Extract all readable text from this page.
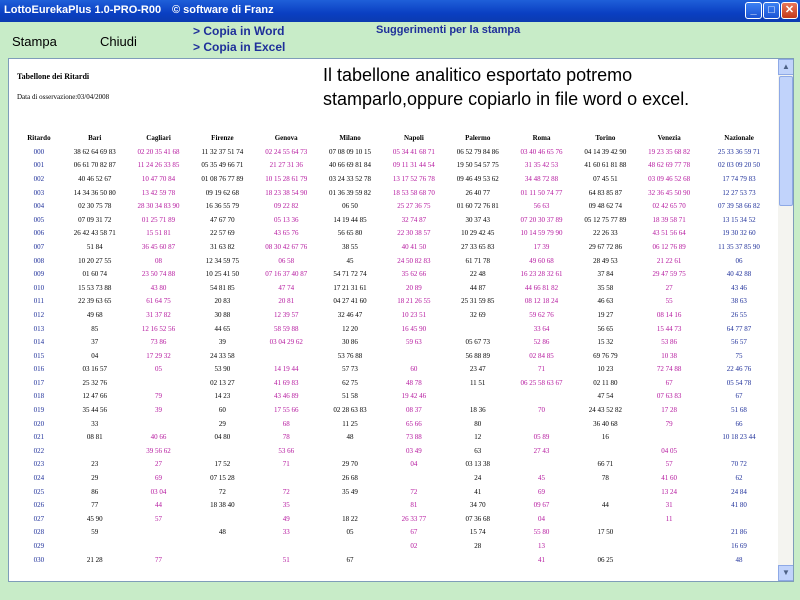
LottoEurekaPlus 1.0-PRO-R00 © software di Franz	_	□ ✕
Stampa	Chiudi
> Copia in Word
> Copia in Excel
Suggerimenti per la stampa
Tabellone dei Ritardi
Data di osservazione:03/04/2008
Il tabellone analitico esportato potremo stamparlo,oppure copiarlo in file word o excel.
Ritardo	Bari	Cagliari	Firenze	Genova	Milano	Napoli	Palermo	Roma	Torino	Venezia	Nazionale
000	38 62 64 69 83	02 20 35 41 68	11 32 37 51 74	02 24 55 64 73	07 08 09 10 15	05 34 41 68 71	06 52 79 84 86	03 40 46 65 76	04 14 39 42 90	19 23 35 68 82	25 33 36 59 71
001	06 61 70 82 87	11 24 26 33 85	05 35 49 66 71	21 27 31 36	40 66 69 81 84	09 11 31 44 54	19 50 54 57 75	31 35 42 53	41 60 61 81 88	48 62 69 77 78	02 03 09 20 50
002	40 46 52 67	10 47 70 84	01 08 76 77 89	10 15 28 61 79	03 24 33 52 78	13 17 52 76 78	09 46 49 53 62	34 48 72 88	07 45 51	03 09 46 52 68	17 74 79 83
003	14 34 36 50 80	13 42 59 78	09 19 62 68	18 23 38 54 90	01 36 39 59 82	18 53 58 68 70	26 40 77	01 11 50 74 77	64 83 85 87	32 36 45 50 90	12 27 53 73
004	02 30 75 78	28 30 34 83 90	16 36 55 79	09 22 82	06 50	25 27 36 75	01 60 72 76 81	56 63	09 48 62 74	02 42 65 70	07 39 58 66 82
005	07 09 31 72	01 25 71 89	47 67 70	05 13 36	14 19 44 85	32 74 87	30 37 43	07 20 30 37 89	05 12 75 77 89	18 39 58 71	13 15 34 52
006	26 42 43 58 71	15 51 81	22 57 69	43 65 76	56 65 80	22 30 38 57	10 29 42 45	10 14 59 79 90	22 26 33	43 51 56 64	19 30 32 60
007	51 84	36 45 60 87	31 63 82	08 30 42 67 76	38 55	40 41 50	27 33 65 83	17 39	29 67 72 86	06 12 76 89	11 35 37 85 90
008	10 20 27 55	08	12 34 59 75	06 58	45	24 50 82 83	61 71 78	49 60 68	28 49 53	21 22 61	06
009	01 60 74	23 50 74 88	10 25 41 50	07 16 37 40 87	54 71 72 74	35 62 66	22 48	16 23 28 32 61	37 84	29 47 59 75	40 42 88
010	15 53 73 88	43 80	54 81 85	47 74	17 21 31 61	20 89	44 87	44 66 81 82	35 58	27	43 46
011	22 39 63 65	61 64 75	20 83	20 81	04 27 41 60	18 21 26 55	25 31 59 85	08 12 18 24	46 63	55	38 63
012	49 68	31 37 82	30 88	12 39 57	32 46 47	10 23 51	32 69	59 62 76	19 27	08 14 16	26 55
013	85	12 16 52 56	44 65	58 59 88	12 20	16 45 90		33 64	56 65	15 44 73	64 77 87
014	37	73 86	39	03 04 29 62	30 86	59 63	05 67 73	52 86	15 32	53 86	56 57
015	04	17 29 32	24 33 58		53 76 88		56 88 89	02 84 85	69 76 79	10 38	75
016	03 16 57	05	53 90	14 19 44	57 73	60	23 47	71	10 23	72 74 88	22 46 76
017	25 32 76		02 13 27	41 69 83	62 75	48 78	11 51	06 25 58 63 67	02 11 80	67	05 54 78
018	12 47 66	79	14 23	43 46 89	51 58	19 42 46			47 54	07 63 83	67
019	35 44 56	39	60	17 55 66	02 28 63 83	08 37	18 36	70	24 43 52 82	17 28	51 68
020	33		29	68	11 25	65 66	80		36 40 68	79	66
021	08 81	40 66	04 80	78	48	73 88	12	05 89	16		10 18 23 44
022		39 56 62		53 66		03 49	63	27 43		04 05	
023	23	27	17 52	71	29 70	04	03 13 38		66 71	57	70 72
024	29	69	07 15 28		26 68		24	45	78	41 60	62
025	86	03 04	72	72	35 49	72	41	69		13 24	24 84
026	77	44	18 38 40	35		81	34 70	09 67	44	31	41 80
027	45 90	57		49	18 22	26 33 77	07 36 68	04		11	
028	59		48	33	05	67	15 74	55 80	17 50		21 86
029						02	28	13			16 69
030	21 28	77		51	67			41	06 25		48
▲
▼
